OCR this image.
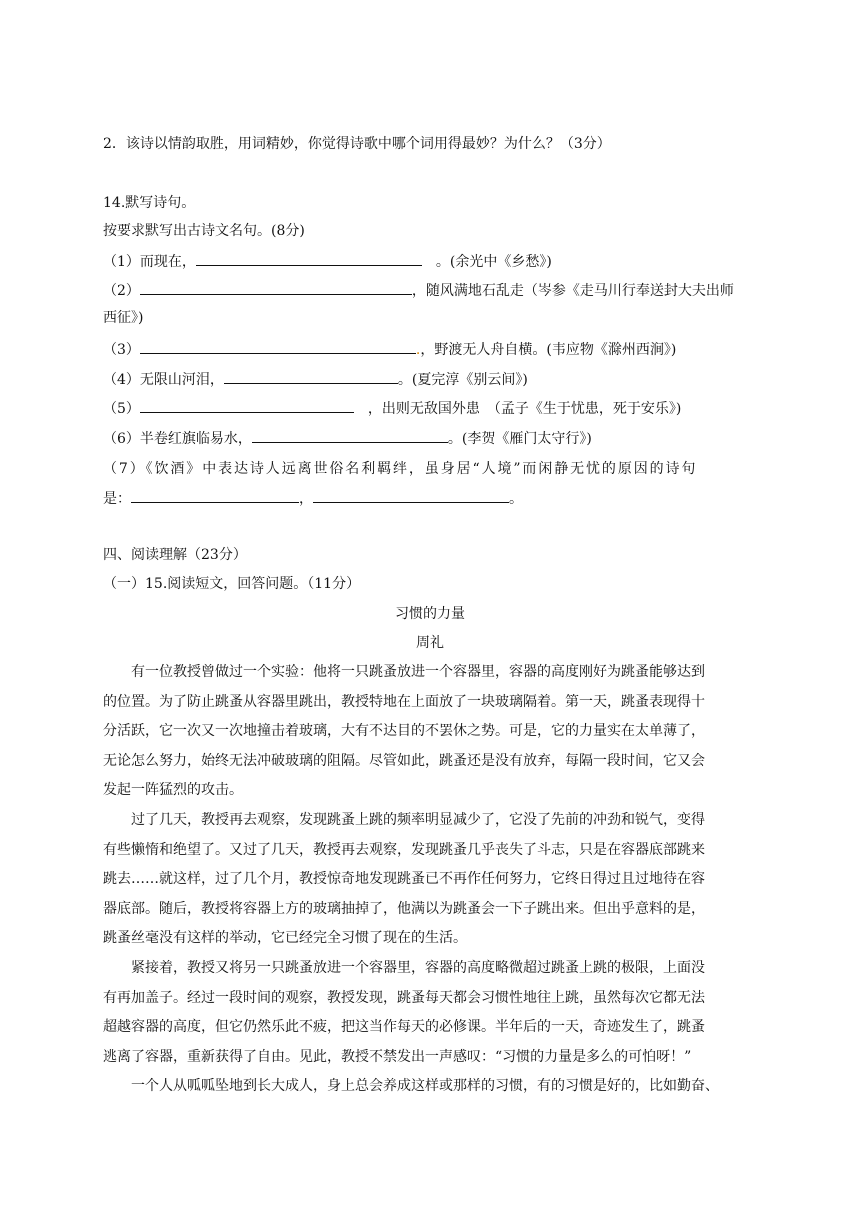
2．该诗以情韵取胜，用词精妙，你觉得诗歌中哪个词用得最妙？为什么？（3分）
14.默写诗句。
按要求默写出古诗文名句。(8分)
（1）而现在，	。(余光中《乡愁》)
（2）	，随风满地石乱走（岑参《走马川行奉送封大夫出师
西征》)
（3）	.，野渡无人舟自横。(韦应物《滁州西涧》)
（4）无限山河泪，	。(夏完淳《别云间》)
（5）	，出则无敌国外患　（孟子《生于忧患，死于安乐》)
（6）半卷红旗临易水，	。(李贺《雁门太守行》)
（7）《饮酒》中表达诗人远离世俗名利羁绊，虽身居“人境”而闲静无忧的原因的诗句
是：	，	。
四、阅读理解（23分）
（一）15.阅读短文，回答问题。（11分）
习惯的力量
周礼
有一位教授曾做过一个实验：他将一只跳蚤放进一个容器里，容器的高度刚好为跳蚤能够达到
的位置。为了防止跳蚤从容器里跳出，教授特地在上面放了一块玻璃隔着。第一天，跳蚤表现得十
分活跃，它一次又一次地撞击着玻璃，大有不达目的不罢休之势。可是，它的力量实在太单薄了，
无论怎么努力，始终无法冲破玻璃的阻隔。尽管如此，跳蚤还是没有放弃，每隔一段时间，它又会
发起一阵猛烈的攻击。
过了几天，教授再去观察，发现跳蚤上跳的频率明显减少了，它没了先前的冲劲和锐气，变得
有些懒惰和绝望了。又过了几天，教授再去观察，发现跳蚤几乎丧失了斗志，只是在容器底部跳来
跳去……就这样，过了几个月，教授惊奇地发现跳蚤已不再作任何努力，它终日得过且过地待在容
器底部。随后，教授将容器上方的玻璃抽掉了，他满以为跳蚤会一下子跳出来。但出乎意料的是，
跳蚤丝毫没有这样的举动，它已经完全习惯了现在的生活。
紧接着，教授又将另一只跳蚤放进一个容器里，容器的高度略微超过跳蚤上跳的极限，上面没
有再加盖子。经过一段时间的观察，教授发现，跳蚤每天都会习惯性地往上跳，虽然每次它都无法
超越容器的高度，但它仍然乐此不疲，把这当作每天的必修课。半年后的一天，奇迹发生了，跳蚤
逃离了容器，重新获得了自由。见此，教授不禁发出一声感叹：“习惯的力量是多么的可怕呀！”
一个人从呱呱坠地到长大成人，身上总会养成这样或那样的习惯，有的习惯是好的，比如勤奋、
